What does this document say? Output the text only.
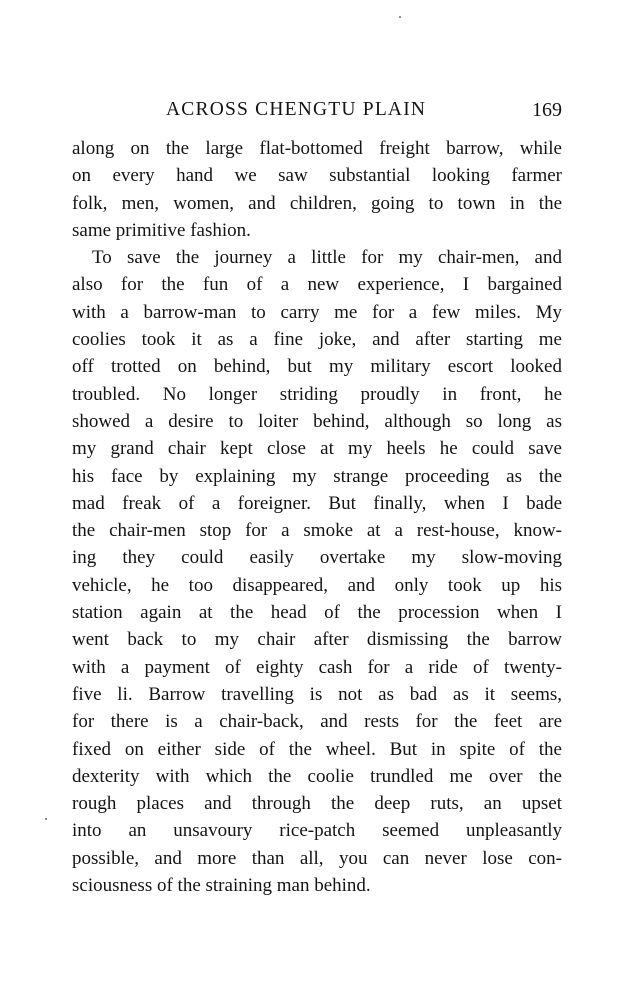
ACROSS CHENGTU PLAIN	169
along on the large flat-bottomed freight barrow, while
on every hand we saw substantial looking farmer
folk, men, women, and children, going to town in the
same primitive fashion.
To save the journey a little for my chair-men, and
also for the fun of a new experience, I bargained
with a barrow-man to carry me for a few miles. My
coolies took it as a fine joke, and after starting me
off trotted on behind, but my military escort looked
troubled. No longer striding proudly in front, he
showed a desire to loiter behind, although so long as
my grand chair kept close at my heels he could save
his face by explaining my strange proceeding as the
mad freak of a foreigner. But finally, when I bade
the chair-men stop for a smoke at a rest-house, know-
ing they could easily overtake my slow-moving
vehicle, he too disappeared, and only took up his
station again at the head of the procession when I
went back to my chair after dismissing the barrow
with a payment of eighty cash for a ride of twenty-
five li. Barrow travelling is not as bad as it seems,
for there is a chair-back, and rests for the feet are
fixed on either side of the wheel. But in spite of the
dexterity with which the coolie trundled me over the
rough places and through the deep ruts, an upset
into an unsavoury rice-patch seemed unpleasantly
possible, and more than all, you can never lose con-
sciousness of the straining man behind.
